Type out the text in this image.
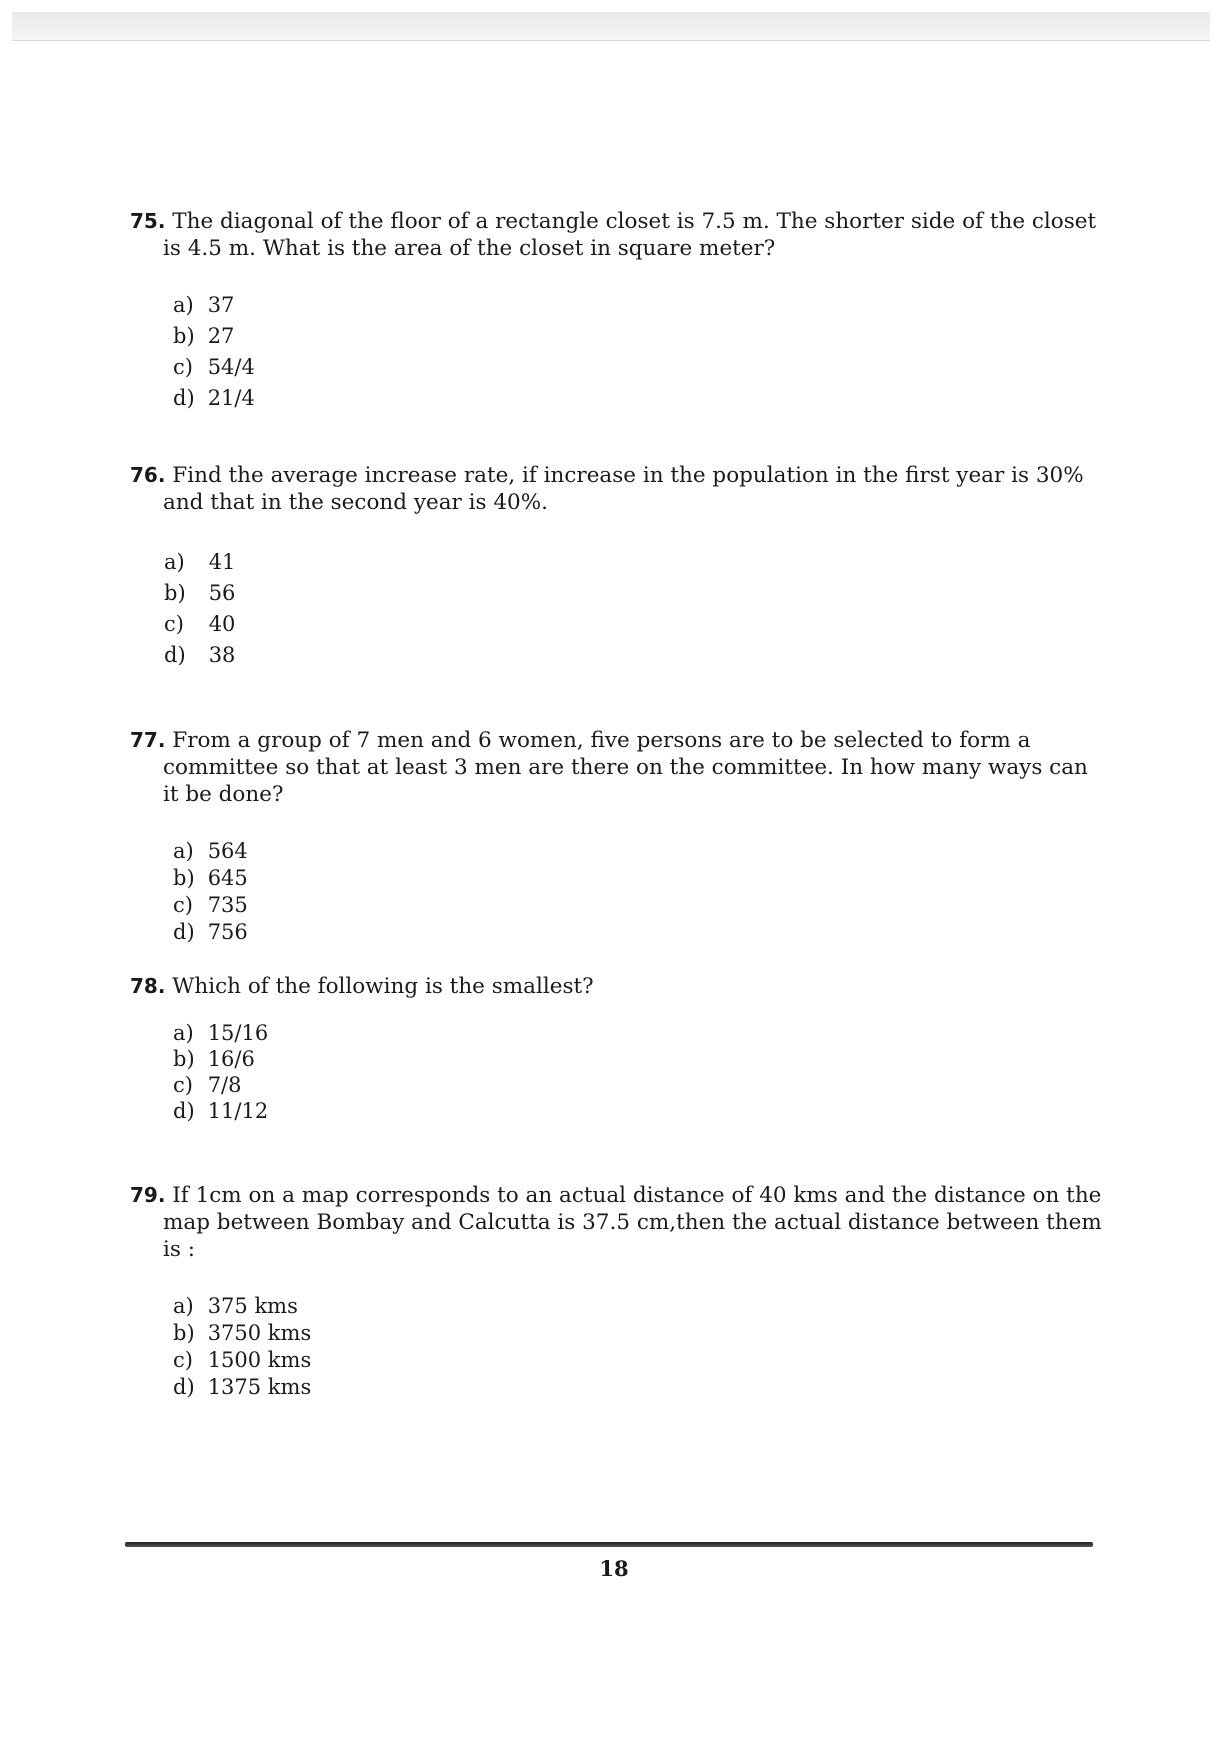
75. The diagonal of the floor of a rectangle closet is 7.5 m. The shorter side of the closet is 4.5 m. What is the area of the closet in square meter?

a) 37
b) 27
c) 54/4
d) 21/4

76. Find the average increase rate, if increase in the population in the first year is 30% and that in the second year is 40%.

a) 41
b) 56
c) 40
d) 38

77. From a group of 7 men and 6 women, five persons are to be selected to form a committee so that at least 3 men are there on the committee. In how many ways can it be done?

a) 564
b) 645
c) 735
d) 756

78. Which of the following is the smallest?

a) 15/16
b) 16/6
c) 7/8
d) 11/12

79. If 1cm on a map corresponds to an actual distance of 40 kms and the distance on the map between Bombay and Calcutta is 37.5 cm,then the actual distance between them is :

a) 375 kms
b) 3750 kms
c) 1500 kms
d) 1375 kms
18
